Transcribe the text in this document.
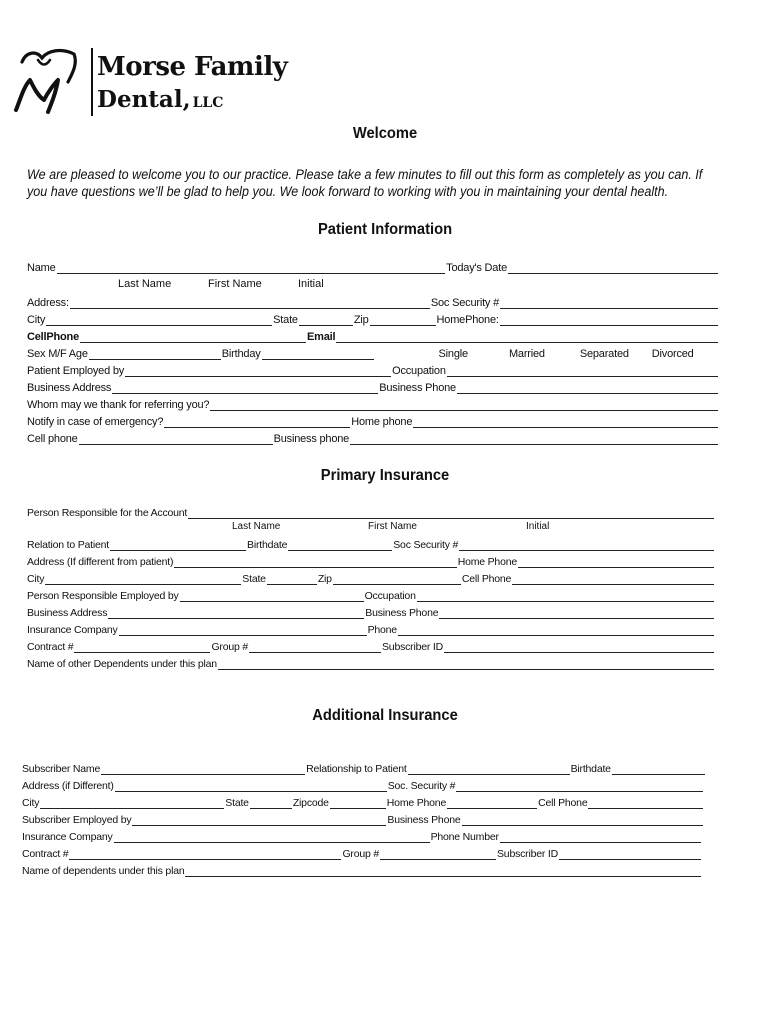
Morse Family
Dental, LLC
Welcome
We are pleased to welcome you to our practice. Please take a few minutes to fill out this form as completely as you can. If you have questions we’ll be glad to help you. We look forward to working with you in maintaining your dental health.
Patient Information
Name	Today's Date
Last Name	First Name	Initial
Address:	Soc Security #
City	State	Zip	HomePhone:
CellPhone	Email
Sex M/F Age	Birthday	Single	Married	Separated Divorced
Patient Employed by	Occupation
Business Address	Business Phone
Whom may we thank for referring you?
Notify in case of emergency?	Home phone
Cell phone	Business phone
Primary Insurance
Person Responsible for the Account
Last Name	First Name	Initial
Relation to Patient	Birthdate	Soc Security #
Address (If different from patient)	Home Phone
City	State	Zip	Cell Phone
Person Responsible Employed by	Occupation
Business Address	Business Phone
Insurance Company	Phone
Contract #	Group #	Subscriber ID
Name of other Dependents under this plan
Additional Insurance
Subscriber Name	Relationship to Patient	Birthdate
Address (if Different)	Soc. Security #
City	State	Zipcode	Home Phone	Cell Phone
Subscriber Employed by	Business Phone
Insurance Company	Phone Number
Contract #	Group #	Subscriber ID
Name of dependents under this plan
